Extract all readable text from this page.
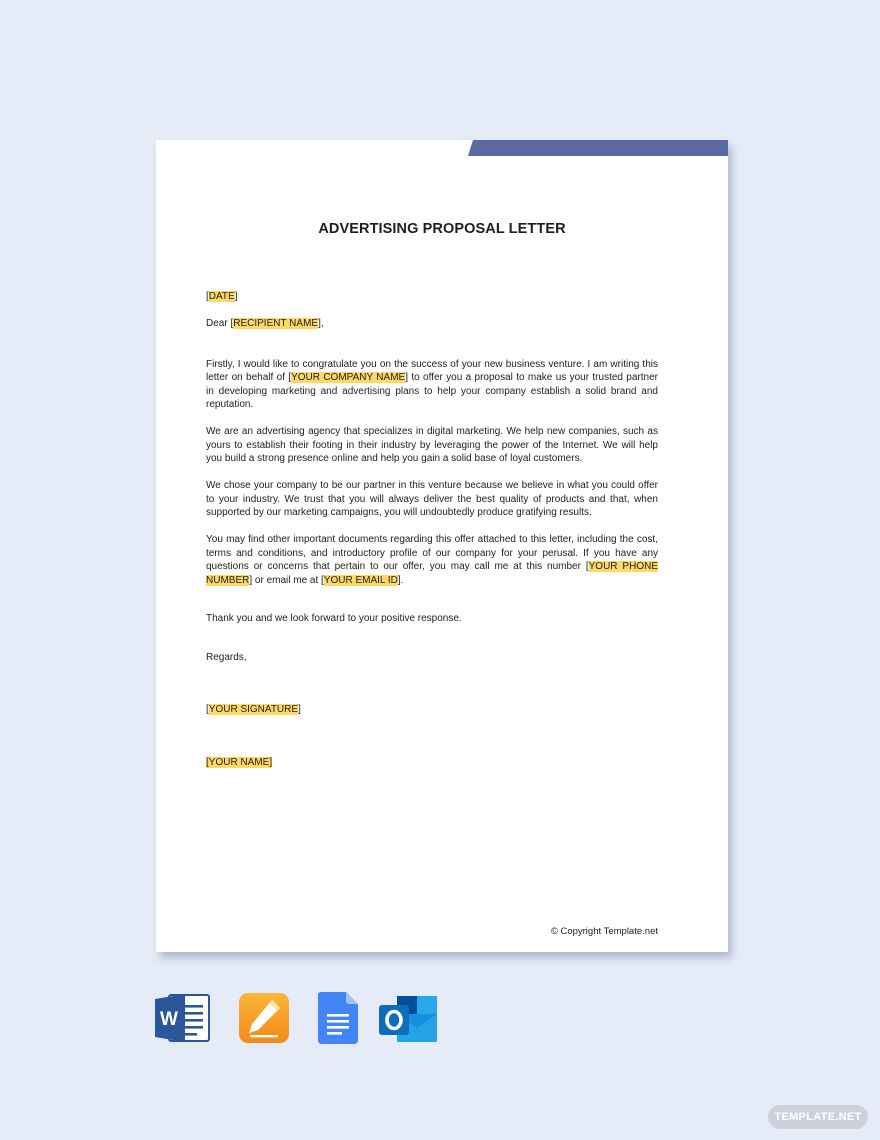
ADVERTISING PROPOSAL LETTER
[DATE]
Dear [RECIPIENT NAME],
Firstly, I would like to congratulate you on the success of your new business venture. I am writing this letter on behalf of [YOUR COMPANY NAME] to offer you a proposal to make us your trusted partner in developing marketing and advertising plans to help your company establish a solid brand and reputation.
We are an advertising agency that specializes in digital marketing. We help new companies, such as yours to establish their footing in their industry by leveraging the power of the Internet. We will help you build a strong presence online and help you gain a solid base of loyal customers.
We chose your company to be our partner in this venture because we believe in what you could offer to your industry. We trust that you will always deliver the best quality of products and that, when supported by our marketing campaigns, you will undoubtedly produce gratifying results.
You may find other important documents regarding this offer attached to this letter, including the cost, terms and conditions, and introductory profile of our company for your perusal. If you have any questions or concerns that pertain to our offer, you may call me at this number [YOUR PHONE NUMBER] or email me at [YOUR EMAIL ID].
Thank you and we look forward to your positive response.
Regards,
[YOUR SIGNATURE]
[YOUR NAME]
© Copyright Template.net
W
TEMPLATE.NET
